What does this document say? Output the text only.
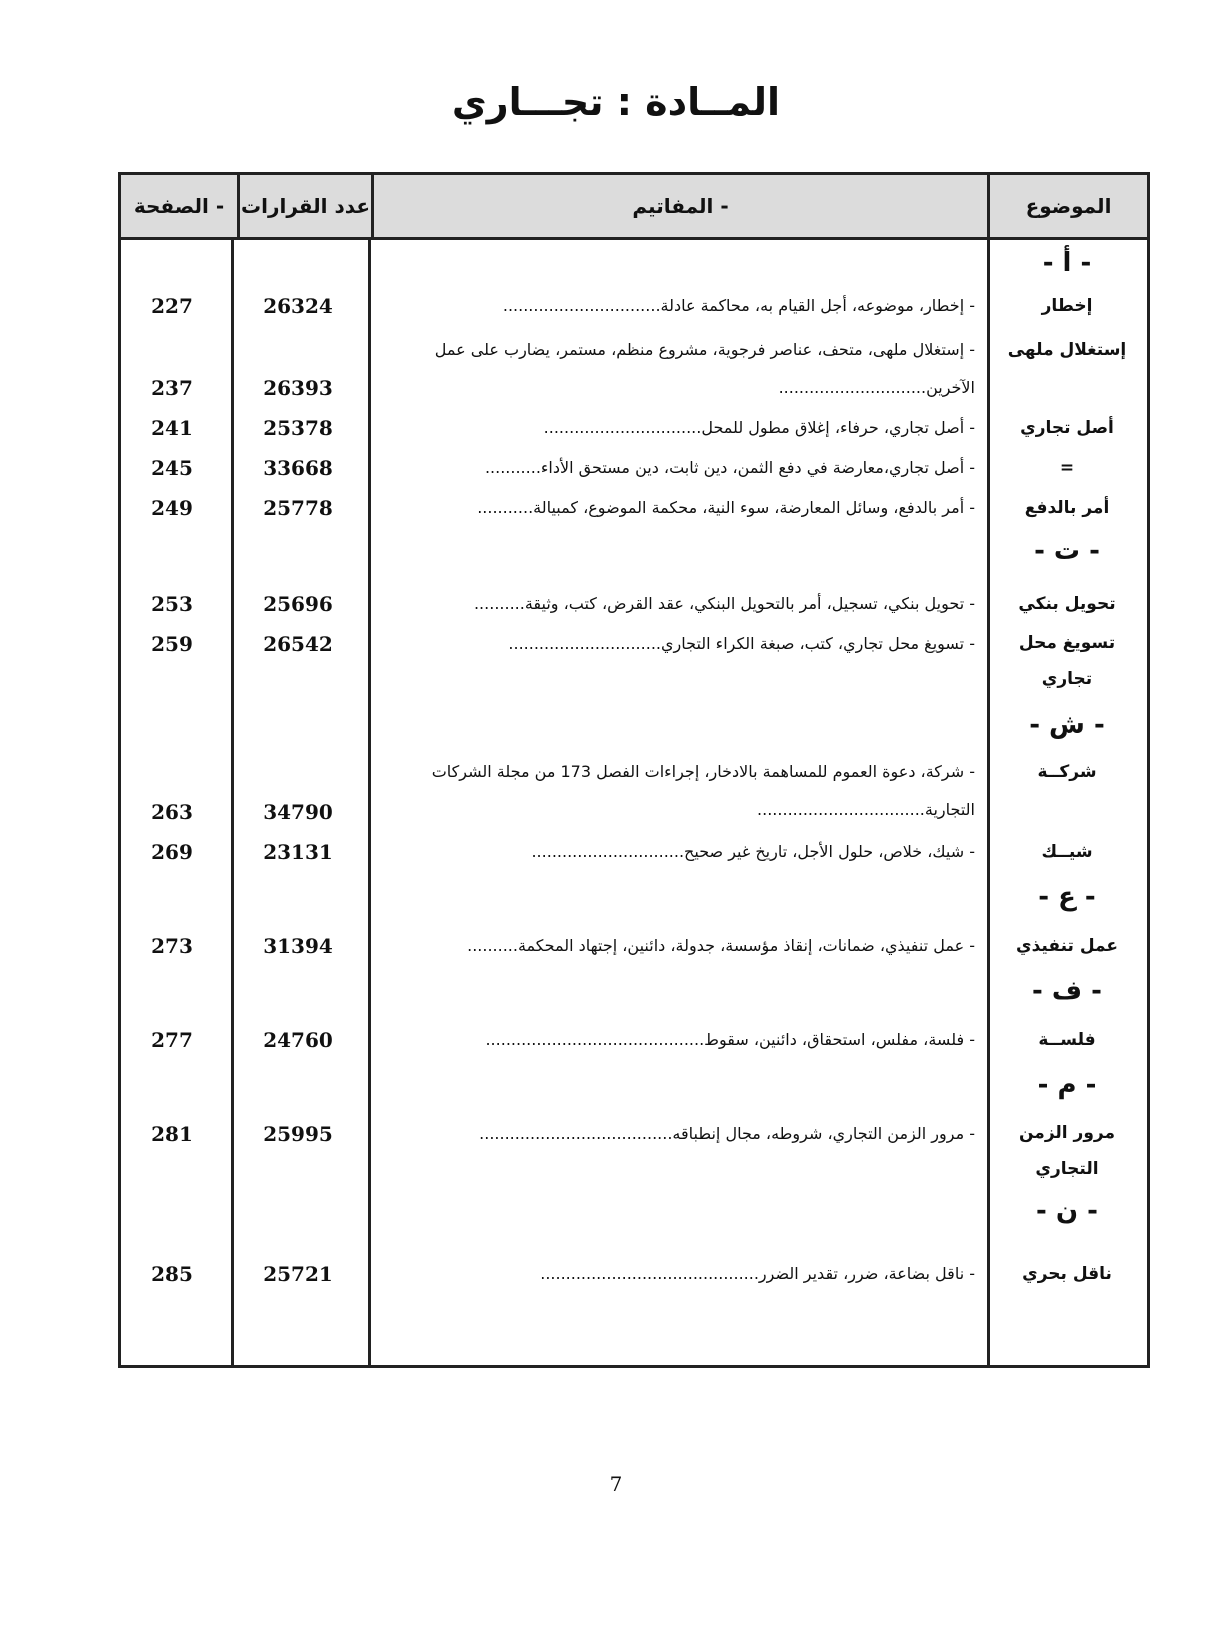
المــادة : تجـــاري
الموضوع
- المفاتيم
عدد القرارات
- الصفحة
- أ -
إخطار
- إخطار، موضوعه، أجل القيام به، محاكمة عادلة...............................
26324
227
إستغلال ملهى
- إستغلال ملهى، متحف، عناصر فرجوية، مشروع منظم، مستمر، يضارب على عمل الآخرين.............................
26393
237
أصل تجاري
- أصل تجاري، حرفاء، إغلاق مطول للمحل...............................
25378
241
=
- أصل تجاري،معارضة في دفع الثمن، دين ثابت، دين مستحق الأداء...........
33668
245
أمر بالدفع
- أمر بالدفع، وسائل المعارضة، سوء النية، محكمة الموضوع، كمبيالة...........
25778
249
- ت -
تحويل بنكي
- تحويل بنكي، تسجيل، أمر بالتحويل البنكي، عقد القرض، كتب، وثيقة..........
25696
253
تسويغ محل تجاري
- تسويغ محل تجاري، كتب، صبغة الكراء التجاري..............................
26542
259
- ش -
شركــة
- شركة، دعوة العموم للمساهمة بالادخار، إجراءات الفصل 173 من مجلة الشركات التجارية.................................
34790
263
شيــك
- شيك، خلاص، حلول الأجل، تاريخ غير صحيح..............................
23131
269
- ع -
عمل تنفيذي
- عمل تنفيذي، ضمانات، إنقاذ مؤسسة، جدولة، دائنين، إجتهاد المحكمة..........
31394
273
- ف -
فلســة
- فلسة، مفلس، استحقاق، دائنين، سقوط...........................................
24760
277
- م -
مرور الزمن التجاري
- مرور الزمن التجاري، شروطه، مجال إنطباقه......................................
25995
281
- ن -
ناقل بحري
- ناقل بضاعة، ضرر، تقدير الضرر...........................................
25721
285
7
